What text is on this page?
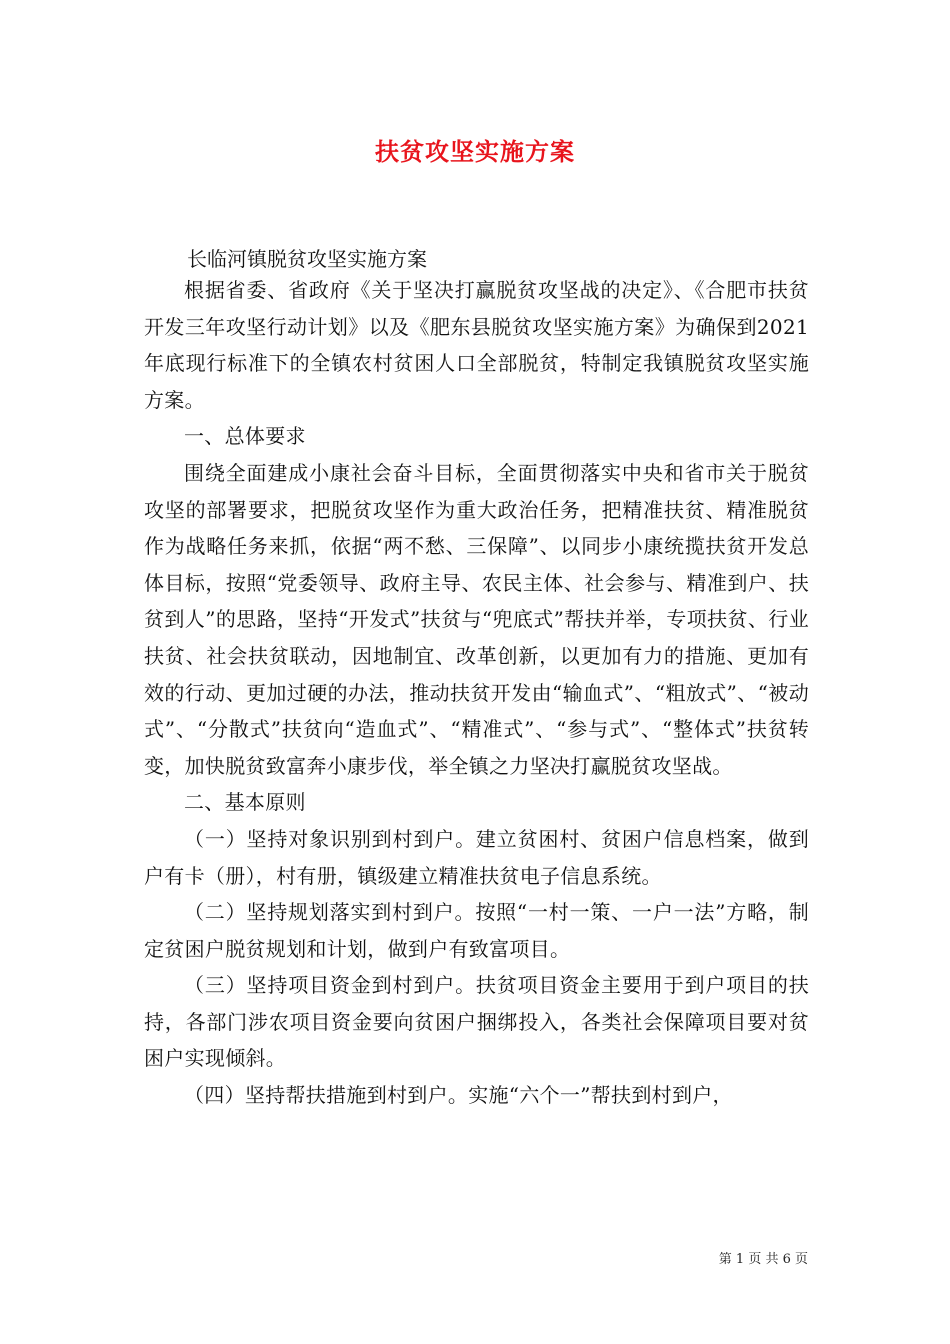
扶贫攻坚实施方案
长临河镇脱贫攻坚实施方案

根据省委、省政府《关于坚决打赢脱贫攻坚战的决定》、《合肥市扶贫开发三年攻坚行动计划》以及《肥东县脱贫攻坚实施方案》为确保到2021年底现行标准下的全镇农村贫困人口全部脱贫，特制定我镇脱贫攻坚实施方案。

一、总体要求

围绕全面建成小康社会奋斗目标，全面贯彻落实中央和省市关于脱贫攻坚的部署要求，把脱贫攻坚作为重大政治任务，把精准扶贫、精准脱贫作为战略任务来抓，依据“两不愁、三保障”、以同步小康统揽扶贫开发总体目标，按照“党委领导、政府主导、农民主体、社会参与、精准到户、扶贫到人”的思路，坚持“开发式”扶贫与“兜底式”帮扶并举，专项扶贫、行业扶贫、社会扶贫联动，因地制宜、改革创新，以更加有力的措施、更加有效的行动、更加过硬的办法，推动扶贫开发由“输血式”、“粗放式”、“被动式”、“分散式”扶贫向“造血式”、“精准式”、“参与式”、“整体式”扶贫转变，加快脱贫致富奔小康步伐，举全镇之力坚决打赢脱贫攻坚战。

二、基本原则

（一）坚持对象识别到村到户。建立贫困村、贫困户信息档案，做到户有卡（册），村有册，镇级建立精准扶贫电子信息系统。

（二）坚持规划落实到村到户。按照“一村一策、一户一法”方略，制定贫困户脱贫规划和计划，做到户有致富项目。

（三）坚持项目资金到村到户。扶贫项目资金主要用于到户项目的扶持，各部门涉农项目资金要向贫困户捆绑投入，各类社会保障项目要对贫困户实现倾斜。

（四）坚持帮扶措施到村到户。实施“六个一”帮扶到村到户，

第 1 页 共 6 页
